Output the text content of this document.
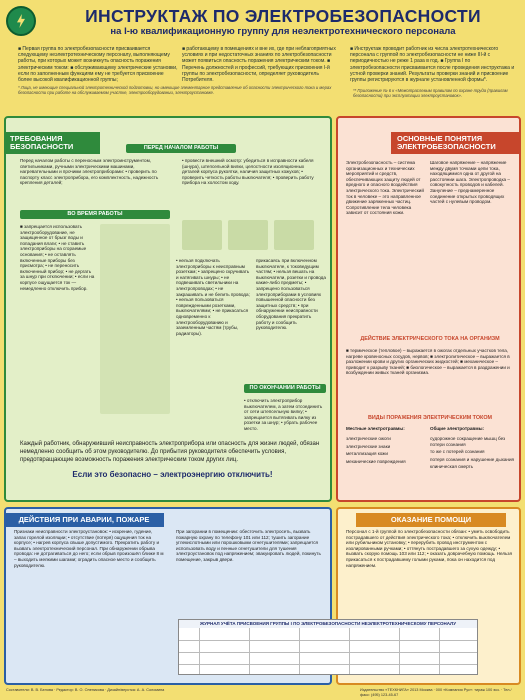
ИНСТРУКТАЖ ПО ЭЛЕКТРОБЕЗОПАСНОСТИ
на I-ю квалификационную группу для неэлектротехнического персонала
■ Первая группа по электробезопасности присваивается следующему неэлектротехническому персоналу, выполняющему работы, при которых может возникнуть опасность поражения электрическим током: ■ обслуживающему электрические установки, если по заполненным функциям ему не требуется присвоение более высокой квалификационной группы;
■ работающему в помещениях и вне их, где при неблагоприятных условиях и при недостаточных знаниях по электробезопасности может появиться опасность поражения электрическим током. ■ Перечень должностей и профессий, требующих присвоения I-й группы по электробезопасности, определяет руководитель Потребителя.
■ Инструктаж проводит работник из числа электротехнического персонала с группой по электробезопасности не ниже III-й с периодичностью не реже 1 раза в год. ■ Группа I по электробезопасности присваивается после проведения инструктажа и устной проверки знаний. Результаты проверки знаний и присвоение группы регистрируются в журнале установленной формы*.
* Лица, не имеющие специальной электротехнической подготовки, но имеющие элементарное представление об опасности электрического тока и мерах безопасности при работе на обслуживаемом участке, электрооборудовании, электроустановке.	** Приложение № 6 к «Межотраслевым правилам по охране труда (правилам безопасности) при эксплуатации электроустановок».
ТРЕБОВАНИЯ БЕЗОПАСНОСТИ	ПЕРЕД НАЧАЛОМ РАБОТЫ
Перед началом работы с переносным электроинструментом, светильниками, ручными электрическими машинами, нагревательными и прочими электроприборами: • проверить по паспорту класс электроприбора, его комплектность, надежность крепления деталей;
• провести внешний осмотр: убедиться в исправности кабеля (шнура), штепсельной вилки, целостности изоляционных деталей корпуса рукоятки, наличия защитных кожухов; • проверить четкость работы выключателя; • проверить работу прибора на холостом ходу.
ВО ВРЕМЯ РАБОТЫ
■ запрещается использовать электрооборудование, не защищенное от брызг воды и попадания влаги; • не ставить электроприборы на сгораемые основания; • не оставлять включенные приборы без присмотра; • не переносить включенный прибор; • не дергать за шнур при отключении; • если на корпусе ощущается ток — немедленно отключить прибор.
• нельзя подключать электроприборы к неисправным розеткам; • запрещено скручивать и натягивать шнуры; • не подвешивать светильники на электропроводах; • не закрашивать и не белить провода; • нельзя пользоваться поврежденными розетками, выключателями; • не прикасаться одновременно к электрооборудованию и заземленным частям (трубы, радиаторы).
прикасаясь при включенном выключателе, к токоведущим частям; • нельзя вешать на выключатели, розетки и провода какие-либо предметы; • запрещено пользоваться электроприборами в условиях повышенной опасности без защитных средств; • при обнаружении неисправности оборудования прекратить работу и сообщить руководителю.
ПО ОКОНЧАНИИ РАБОТЫ
• отключить электроприбор выключателем, а затем отсоединить от сети штепсельную вилку; • запрещается вытягивать вилку из розетки за шнур; • убрать рабочее место.
Каждый работник, обнаруживший неисправность электроприбора или опасность для жизни людей, обязан немедленно сообщить об этом руководителю. До прибытия руководителя обеспечить условия, предотвращающие возможность поражения электрическим током других лиц.
Если это безопасно – электроэнергию отключить!
ОСНОВНЫЕ ПОНЯТИЯ ЭЛЕКТРОБЕЗОПАСНОСТИ
Электробезопасность – система организационных и технических мероприятий и средств, обеспечивающих защиту людей от вредного и опасного воздействия электрического тока. Электрический ток в человеке – это направленное движение заряженных частиц. Сопротивление тела человека зависит от состояния кожи.
Шаговое напряжение – напряжение между двумя точками цепи тока, находящимися одна от другой на расстоянии шага. Электропроводка – совокупность проводов и кабелей. Зануление – преднамеренное соединение открытых проводящих частей с нулевым проводом.
ДЕЙСТВИЕ ЭЛЕКТРИЧЕСКОГО ТОКА НА ОРГАНИЗМ
■ термическое (тепловое) – выражается в ожогах отдельных участков тела, нагреве кровеносных сосудов, нервов; ■ электролитическое – выражается в разложении крови и других органических жидкостей; ■ механическое – приводит к разрыву тканей; ■ биологическое – выражается в раздражении и возбуждении живых тканей организма.
ВИДЫ ПОРАЖЕНИЯ ЭЛЕКТРИЧЕСКИМ ТОКОМ
Местные электротравмы:	Общие электротравмы:

электрические ожоги

электрические знаки

металлизация кожи

механические повреждения

судорожное сокращение мышц без потери сознания

то же с потерей сознания

потеря сознания и нарушение дыхания

клиническая смерть

ДЕЙСТВИЯ ПРИ АВАРИИ, ПОЖАРЕ
Признаки неисправности электроустановок: • искрение, гудение, запах горелой изоляции; • отсутствие (потеря) ощущения ток на корпусе; • нагрев корпуса свыше допустимого. Прекратить работу и вызвать электротехнический персонал. При обнаружении обрыва провода: не дотрагиваться до него; если обрыв произошёл ближе 8 м – выходить мелкими шагами; оградить опасное место и сообщить руководителю.
При загорании в помещении: обесточить электросеть, вызвать пожарную охрану по телефону 101 или 112; тушить загорание углекислотными или порошковыми огнетушителями; запрещается использовать воду и пенные огнетушители для тушения электроустановок под напряжением; эвакуировать людей, покинуть помещение, закрыв двери.
ОКАЗАНИЕ ПОМОЩИ
Персонал с 1-й группой по электробезопасности обязан: • уметь освободить пострадавшего от действия электрического тока; • отключить выключателем или рубильником установку; • перерубить провод инструментом с изолированными ручками; • оттянуть пострадавшего за сухую одежду; • вызвать скорую помощь 103 или 112; • оказать доврачебную помощь. Нельзя прикасаться к пострадавшему голыми руками, пока он находится под напряжением.
ЖУРНАЛ УЧЁТА ПРИСВОЕНИЯ ГРУППЫ I ПО ЭЛЕКТРОБЕЗОПАСНОСТИ НЕЭЛЕКТРОТЕХНИЧЕСКОМУ ПЕРСОНАЛУ
Составители: В. В. Белова · Редактор: В. О. Оленикова · Дизайн/верстка: А. А. Соломина	Издательство «ТЕХКНИГА» 2013 Москва · 000 «Компания Рус»: тираж 100 экз. · Тел./факс: (495) 123-45-67
